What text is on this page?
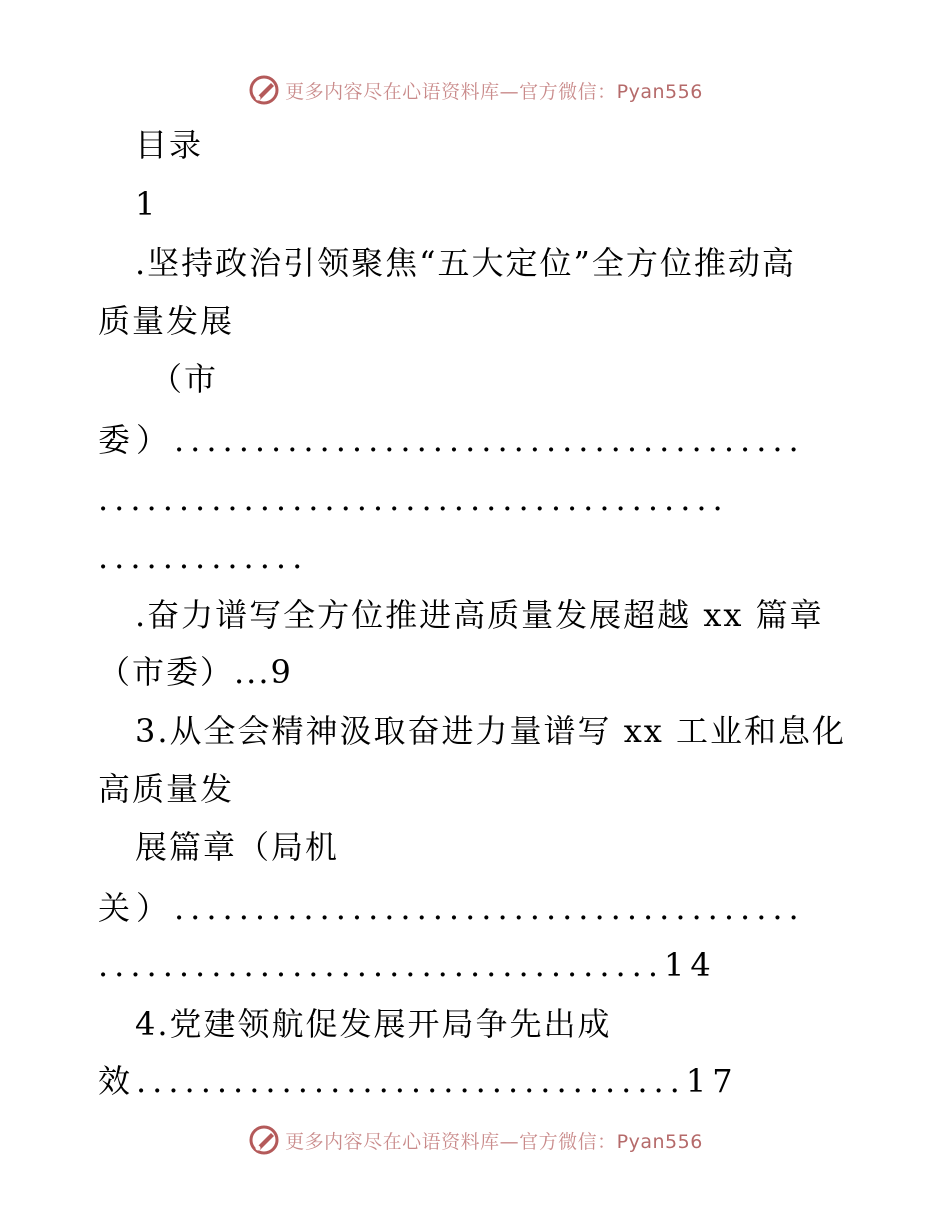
更多内容尽在心语资料库—官方微信：Pyan556
目录
1
.坚持政治引领聚焦“五大定位”全方位推动高
质量发展
（市
委）.......................................
.......................................
.............
.奋力谱写全方位推进高质量发展超越 xx 篇章
（市委）...9
3.从全会精神汲取奋进力量谱写 xx 工业和息化
高质量发
展篇章（局机
关）.......................................
...................................14
4.党建领航促发展开局争先出成
效..................................17
更多内容尽在心语资料库—官方微信：Pyan556
